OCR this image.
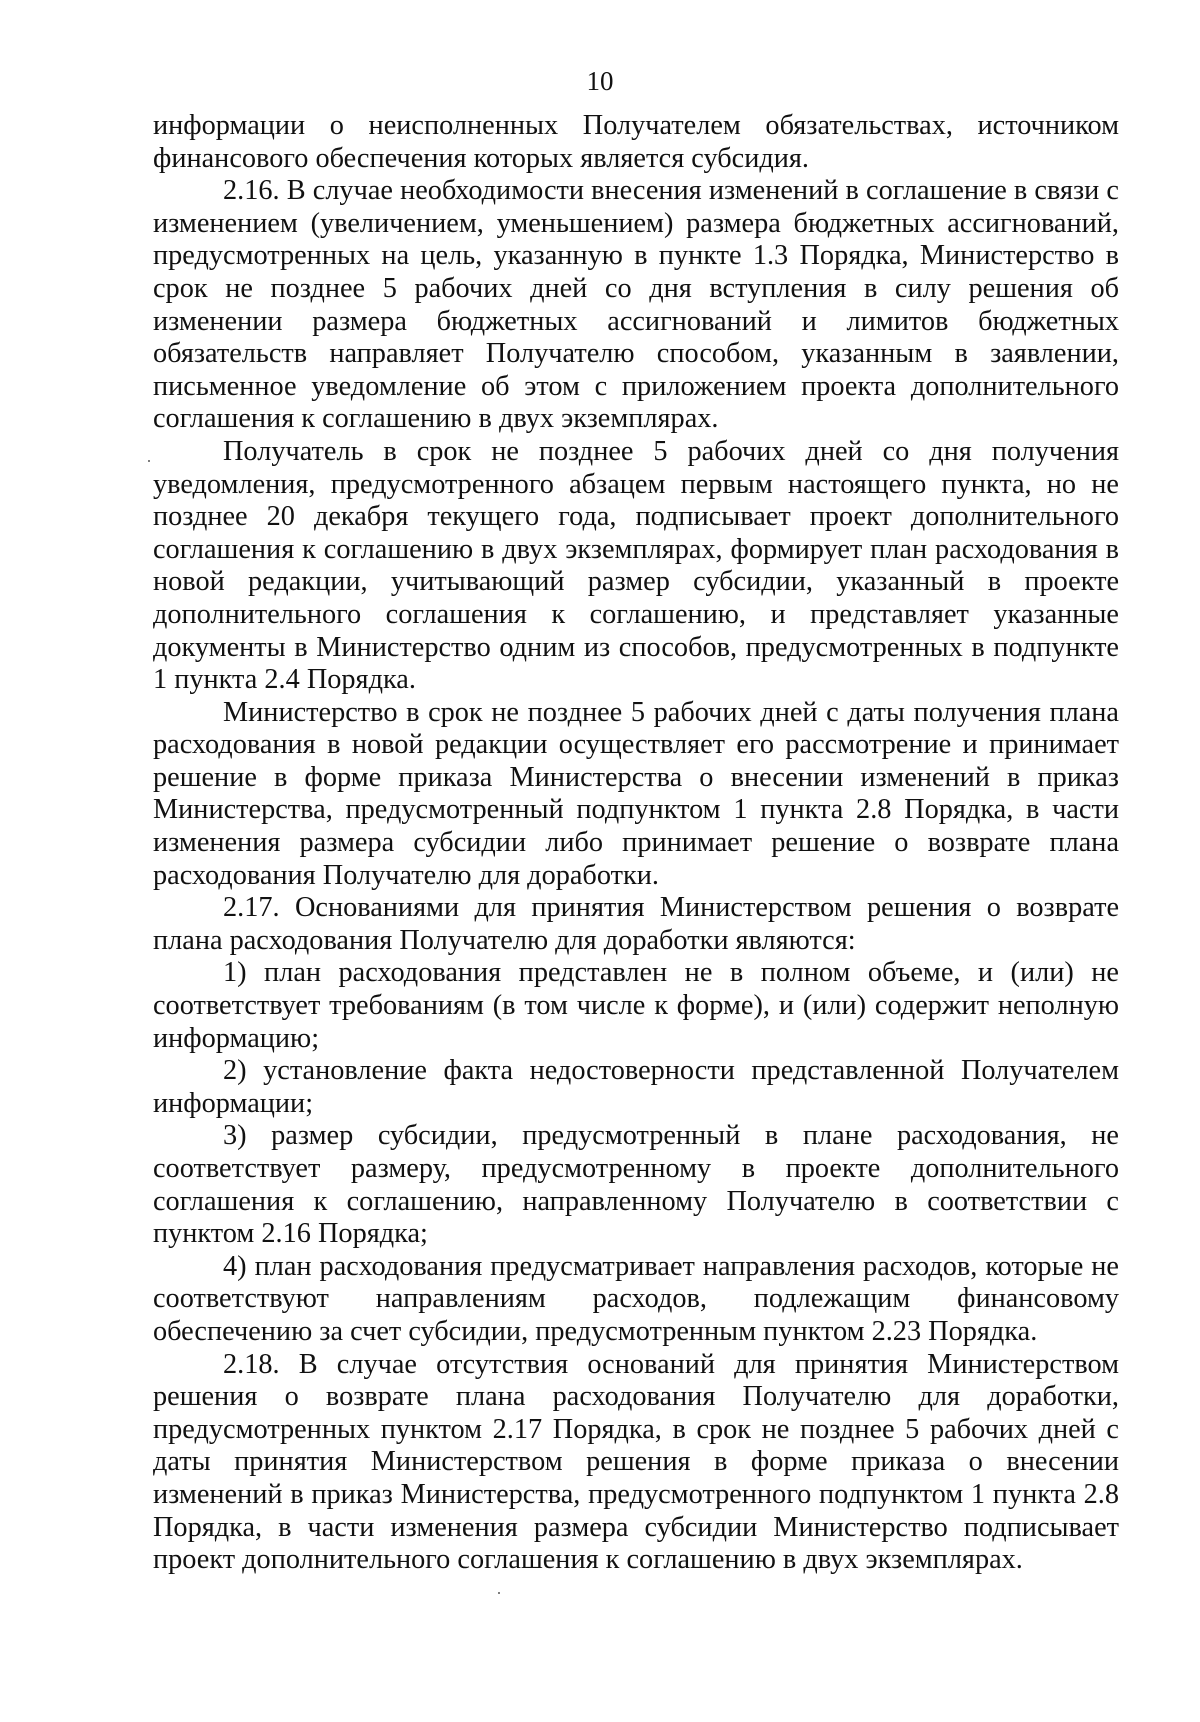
10

информации о неисполненных Получателем обязательствах, источником финансового обеспечения которых является субсидия.

2.16. В случае необходимости внесения изменений в соглашение в связи с изменением (увеличением, уменьшением) размера бюджетных ассигнований, предусмотренных на цель, указанную в пункте 1.3 Порядка, Министерство в срок не позднее 5 рабочих дней со дня вступления в силу решения об изменении размера бюджетных ассигнований и лимитов бюджетных обязательств направляет Получателю способом, указанным в заявлении, письменное уведомление об этом с приложением проекта дополнительного соглашения к соглашению в двух экземплярах.

Получатель в срок не позднее 5 рабочих дней со дня получения уведомления, предусмотренного абзацем первым настоящего пункта, но не позднее 20 декабря текущего года, подписывает проект дополнительного соглашения к соглашению в двух экземплярах, формирует план расходования в новой редакции, учитывающий размер субсидии, указанный в проекте дополнительного соглашения к соглашению, и представляет указанные документы в Министерство одним из способов, предусмотренных в подпункте 1 пункта 2.4 Порядка.

Министерство в срок не позднее 5 рабочих дней с даты получения плана расходования в новой редакции осуществляет его рассмотрение и принимает решение в форме приказа Министерства о внесении изменений в приказ Министерства, предусмотренный подпунктом 1 пункта 2.8 Порядка, в части изменения размера субсидии либо принимает решение о возврате плана расходования Получателю для доработки.

2.17. Основаниями для принятия Министерством решения о возврате плана расходования Получателю для доработки являются:

1) план расходования представлен не в полном объеме, и (или) не соответствует требованиям (в том числе к форме), и (или) содержит неполную информацию;

2) установление факта недостоверности представленной Получателем информации;

3) размер субсидии, предусмотренный в плане расходования, не соответствует размеру, предусмотренному в проекте дополнительного соглашения к соглашению, направленному Получателю в соответствии с пунктом 2.16 Порядка;

4) план расходования предусматривает направления расходов, которые не соответствуют направлениям расходов, подлежащим финансовому обеспечению за счет субсидии, предусмотренным пунктом 2.23 Порядка.

2.18. В случае отсутствия оснований для принятия Министерством решения о возврате плана расходования Получателю для доработки, предусмотренных пунктом 2.17 Порядка, в срок не позднее 5 рабочих дней с даты принятия Министерством решения в форме приказа о внесении изменений в приказ Министерства, предусмотренного подпунктом 1 пункта 2.8 Порядка, в части изменения размера субсидии Министерство подписывает проект дополнительного соглашения к соглашению в двух экземплярах.
